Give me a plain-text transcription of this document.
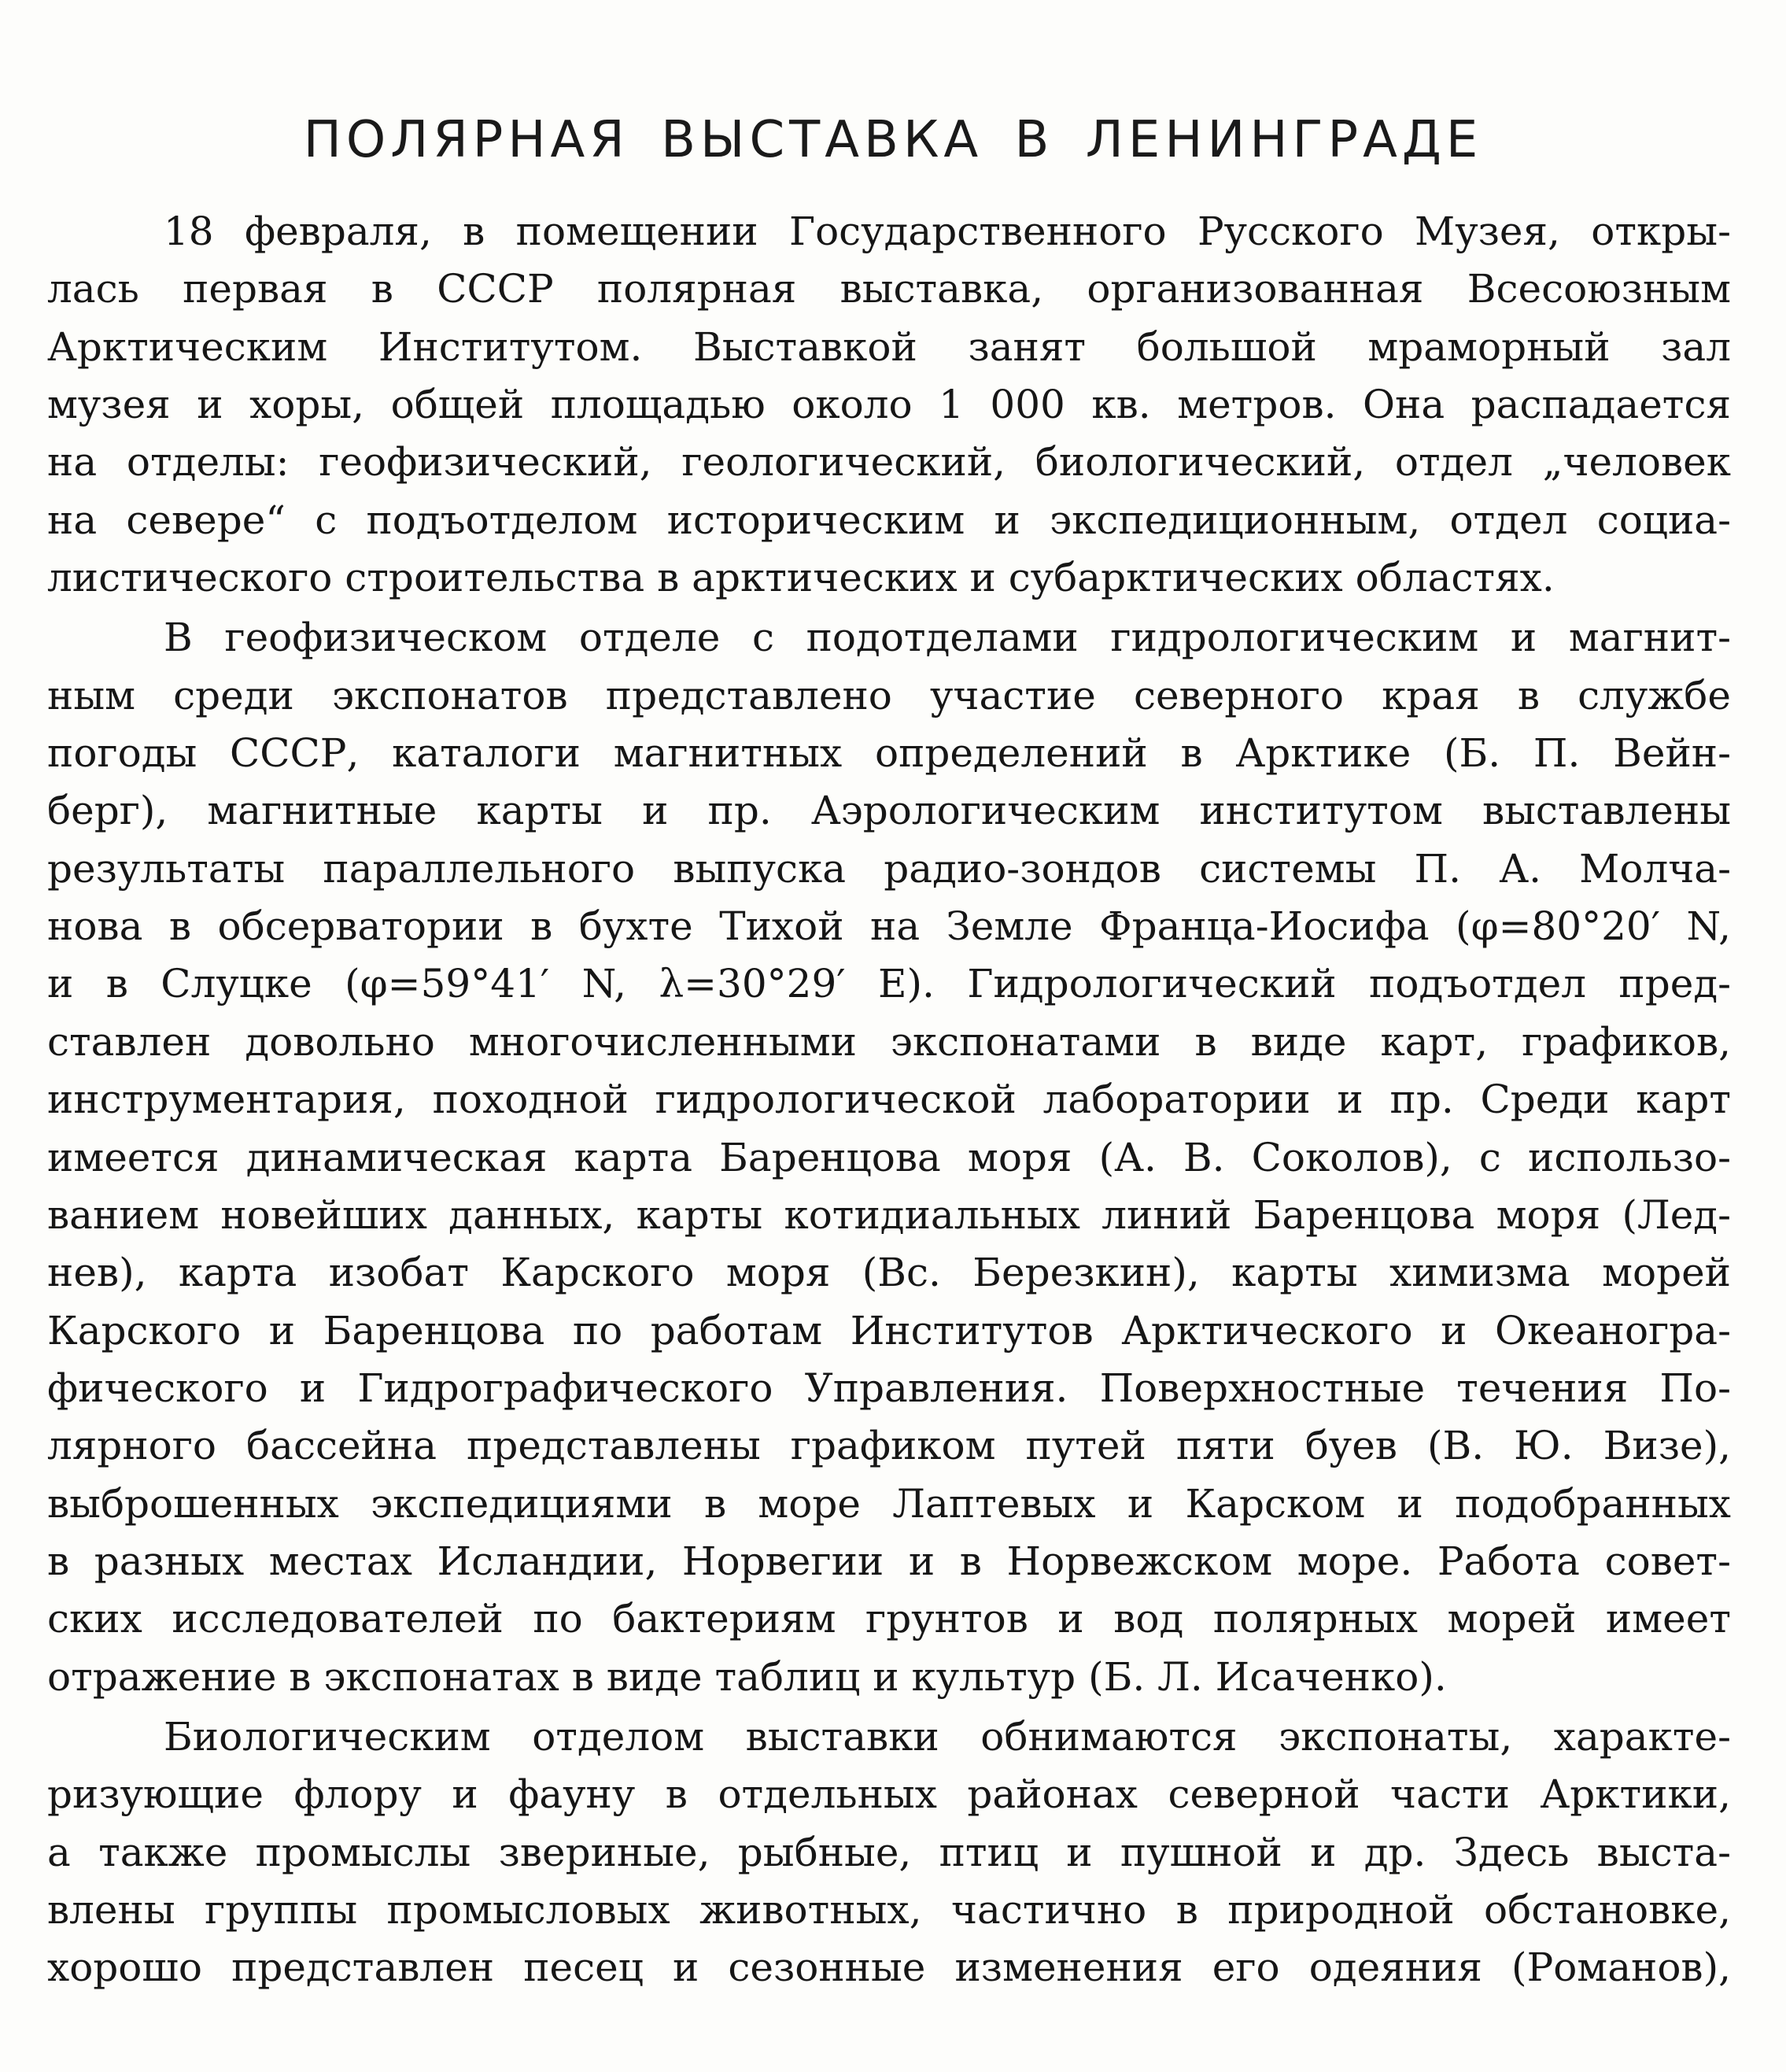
ПОЛЯРНАЯ ВЫСТАВКА В ЛЕНИНГРАДЕ
18 февраля, в помещении Государственного Русского Музея, откры-
лась первая в СССР полярная выставка, организованная Всесоюзным
Арктическим Институтом. Выставкой занят большой мраморный зал
музея и хоры, общей площадью около 1 000 кв. метров. Она распадается
на отделы: геофизический, геологический, биологический, отдел „человек
на севере“ с подъотделом историческим и экспедиционным, отдел социа-
листического строительства в арктических и субарктических областях.
В геофизическом отделе с подотделами гидрологическим и магнит-
ным среди экспонатов представлено участие северного края в службе
погоды СССР, каталоги магнитных определений в Арктике (Б. П. Вейн-
берг), магнитные карты и пр. Аэрологическим институтом выставлены
результаты параллельного выпуска радио-зондов системы П. А. Молча-
нова в обсерватории в бухте Тихой на Земле Франца-Иосифа (φ=80°20′ N,
и в Слуцке (φ=59°41′ N, λ=30°29′ E). Гидрологический подъотдел пред-
ставлен довольно многочисленными экспонатами в виде карт, графиков,
инструментария, походной гидрологической лаборатории и пр. Среди карт
имеется динамическая карта Баренцова моря (А. В. Соколов), с использо-
ванием новейших данных, карты котидиальных линий Баренцова моря (Лед-
нев), карта изобат Карского моря (Вс. Березкин), карты химизма морей
Карского и Баренцова по работам Институтов Арктического и Океаногра-
фического и Гидрографического Управления. Поверхностные течения По-
лярного бассейна представлены графиком путей пяти буев (В. Ю. Визе),
выброшенных экспедициями в море Лаптевых и Карском и подобранных
в разных местах Исландии, Норвегии и в Норвежском море. Работа совет-
ских исследователей по бактериям грунтов и вод полярных морей имеет
отражение в экспонатах в виде таблиц и культур (Б. Л. Исаченко).
Биологическим отделом выставки обнимаются экспонаты, характе-
ризующие флору и фауну в отдельных районах северной части Арктики,
а также промыслы звериные, рыбные, птиц и пушной и др. Здесь выста-
влены группы промысловых животных, частично в природной обстановке,
хорошо представлен песец и сезонные изменения его одеяния (Романов),
